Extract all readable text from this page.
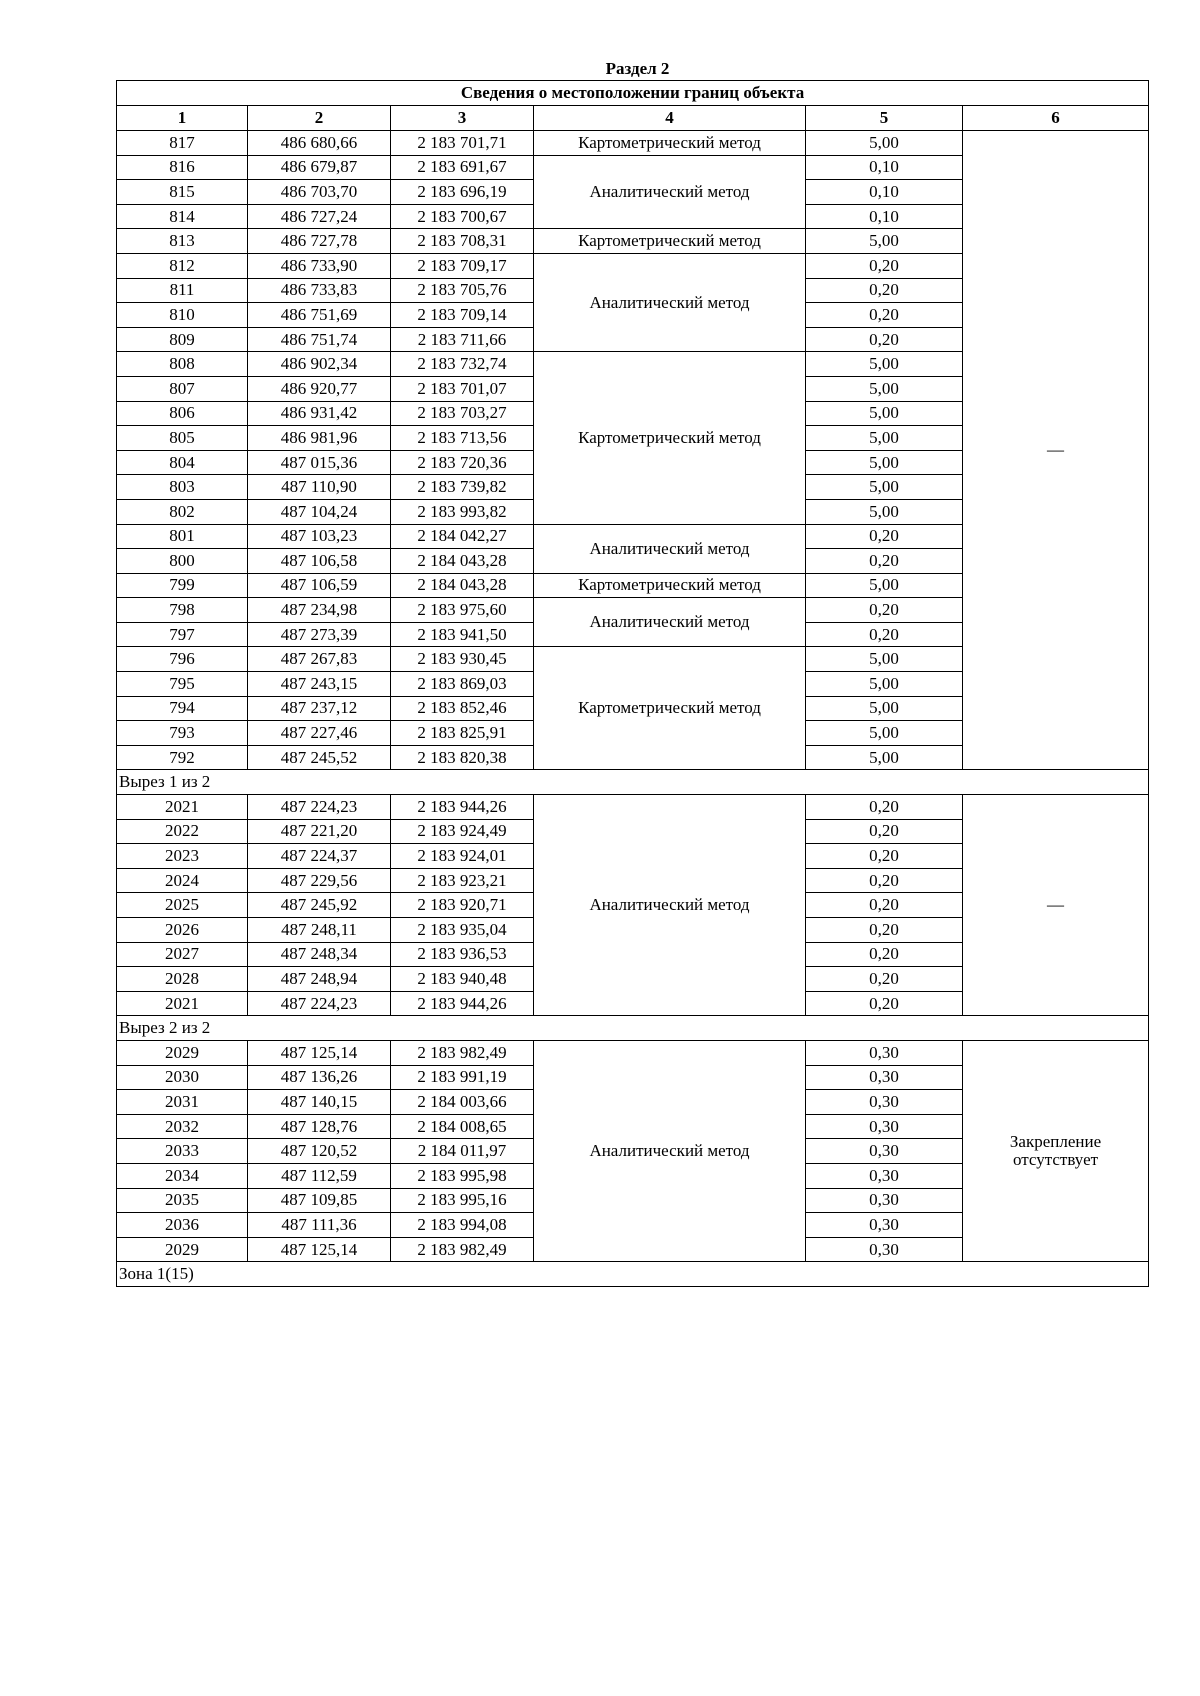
Раздел 2
Сведения о местоположении границ объекта					
1	2	3	4	5	6
817	486 680,66	2 183 701,71	Картометрический метод	5,00	—
816	486 679,87	2 183 691,67	Аналитический метод	0,10	
815	486 703,70	2 183 696,19		0,10	
814	486 727,24	2 183 700,67		0,10	
813	486 727,78	2 183 708,31	Картометрический метод	5,00	
812	486 733,90	2 183 709,17	Аналитический метод	0,20	
811	486 733,83	2 183 705,76		0,20	
810	486 751,69	2 183 709,14		0,20	
809	486 751,74	2 183 711,66		0,20	
808	486 902,34	2 183 732,74	Картометрический метод	5,00	
807	486 920,77	2 183 701,07		5,00	
806	486 931,42	2 183 703,27		5,00	
805	486 981,96	2 183 713,56		5,00	
804	487 015,36	2 183 720,36		5,00	
803	487 110,90	2 183 739,82		5,00	
802	487 104,24	2 183 993,82		5,00	
801	487 103,23	2 184 042,27	Аналитический метод	0,20	
800	487 106,58	2 184 043,28		0,20	
799	487 106,59	2 184 043,28	Картометрический метод	5,00	
798	487 234,98	2 183 975,60	Аналитический метод	0,20	
797	487 273,39	2 183 941,50		0,20	
796	487 267,83	2 183 930,45	Картометрический метод	5,00	
795	487 243,15	2 183 869,03		5,00	
794	487 237,12	2 183 852,46		5,00	
793	487 227,46	2 183 825,91		5,00	
792	487 245,52	2 183 820,38		5,00	
Вырез 1 из 2					
2021	487 224,23	2 183 944,26	Аналитический метод	0,20	—
2022	487 221,20	2 183 924,49		0,20	
2023	487 224,37	2 183 924,01		0,20	
2024	487 229,56	2 183 923,21		0,20	
2025	487 245,92	2 183 920,71		0,20	
2026	487 248,11	2 183 935,04		0,20	
2027	487 248,34	2 183 936,53		0,20	
2028	487 248,94	2 183 940,48		0,20	
2021	487 224,23	2 183 944,26		0,20	
Вырез 2 из 2					
2029	487 125,14	2 183 982,49	Аналитический метод	0,30	Закрепление
отсутствует
2030	487 136,26	2 183 991,19		0,30	
2031	487 140,15	2 184 003,66		0,30	
2032	487 128,76	2 184 008,65		0,30	
2033	487 120,52	2 184 011,97		0,30	
2034	487 112,59	2 183 995,98		0,30	
2035	487 109,85	2 183 995,16		0,30	
2036	487 111,36	2 183 994,08		0,30	
2029	487 125,14	2 183 982,49		0,30	
Зона 1(15)					
